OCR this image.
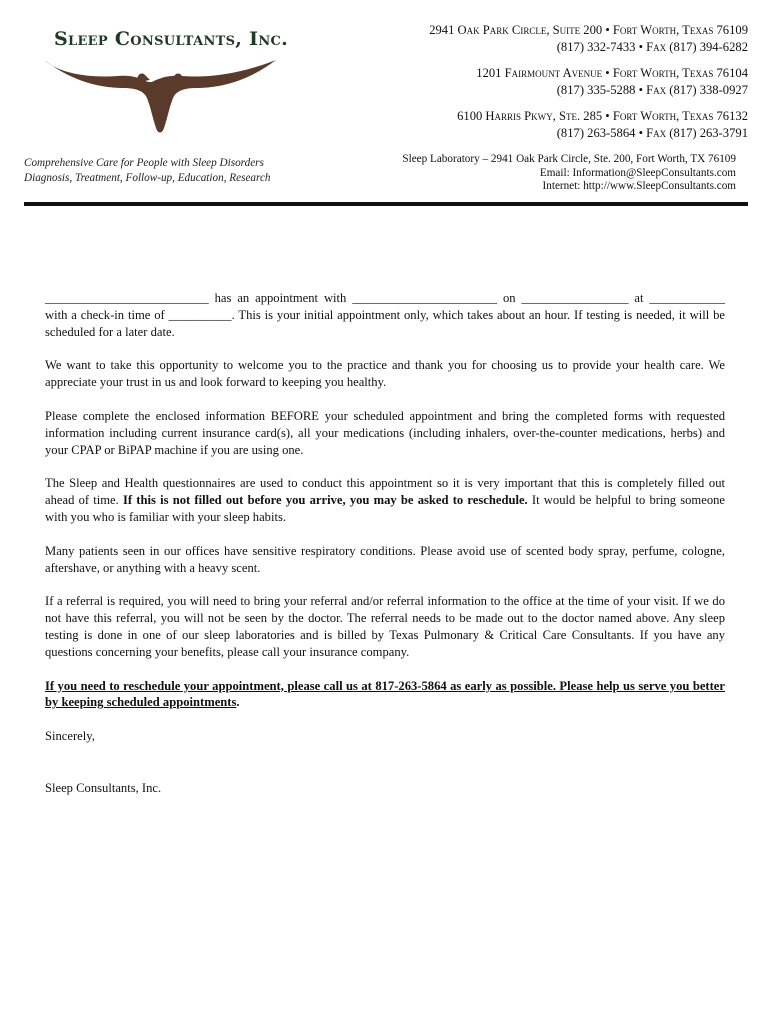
Sleep Consultants, Inc.
Comprehensive Care for People with Sleep Disorders
Diagnosis, Treatment, Follow-up, Education, Research
2941 Oak Park Circle, Suite 200 • Fort Worth, Texas 76109
(817) 332-7433 • Fax (817) 394-6282
1201 Fairmount Avenue • Fort Worth, Texas 76104
(817) 335-5288 • Fax (817) 338-0927
6100 Harris Pkwy, Ste. 285 • Fort Worth, Texas 76132
(817) 263-5864 • Fax (817) 263-3791
Sleep Laboratory – 2941 Oak Park Circle, Ste. 200, Fort Worth, TX 76109
Email: Information@SleepConsultants.com
Internet: http://www.SleepConsultants.com

__________________________ has an appointment with _______________________ on _________________ at ____________ with a check-in time of __________. This is your initial appointment only, which takes about an hour. If testing is needed, it will be scheduled for a later date.

We want to take this opportunity to welcome you to the practice and thank you for choosing us to provide your health care. We appreciate your trust in us and look forward to keeping you healthy.

Please complete the enclosed information BEFORE your scheduled appointment and bring the completed forms with requested information including current insurance card(s), all your medications (including inhalers, over-the-counter medications, herbs) and your CPAP or BiPAP machine if you are using one.

The Sleep and Health questionnaires are used to conduct this appointment so it is very important that this is completely filled out ahead of time. If this is not filled out before you arrive, you may be asked to reschedule. It would be helpful to bring someone with you who is familiar with your sleep habits.

Many patients seen in our offices have sensitive respiratory conditions. Please avoid use of scented body spray, perfume, cologne, aftershave, or anything with a heavy scent.

If a referral is required, you will need to bring your referral and/or referral information to the office at the time of your visit. If we do not have this referral, you will not be seen by the doctor. The referral needs to be made out to the doctor named above. Any sleep testing is done in one of our sleep laboratories and is billed by Texas Pulmonary & Critical Care Consultants. If you have any questions concerning your benefits, please call your insurance company.

If you need to reschedule your appointment, please call us at 817-263-5864 as early as possible. Please help us serve you better by keeping scheduled appointments.

Sincerely,

Sleep Consultants, Inc.
